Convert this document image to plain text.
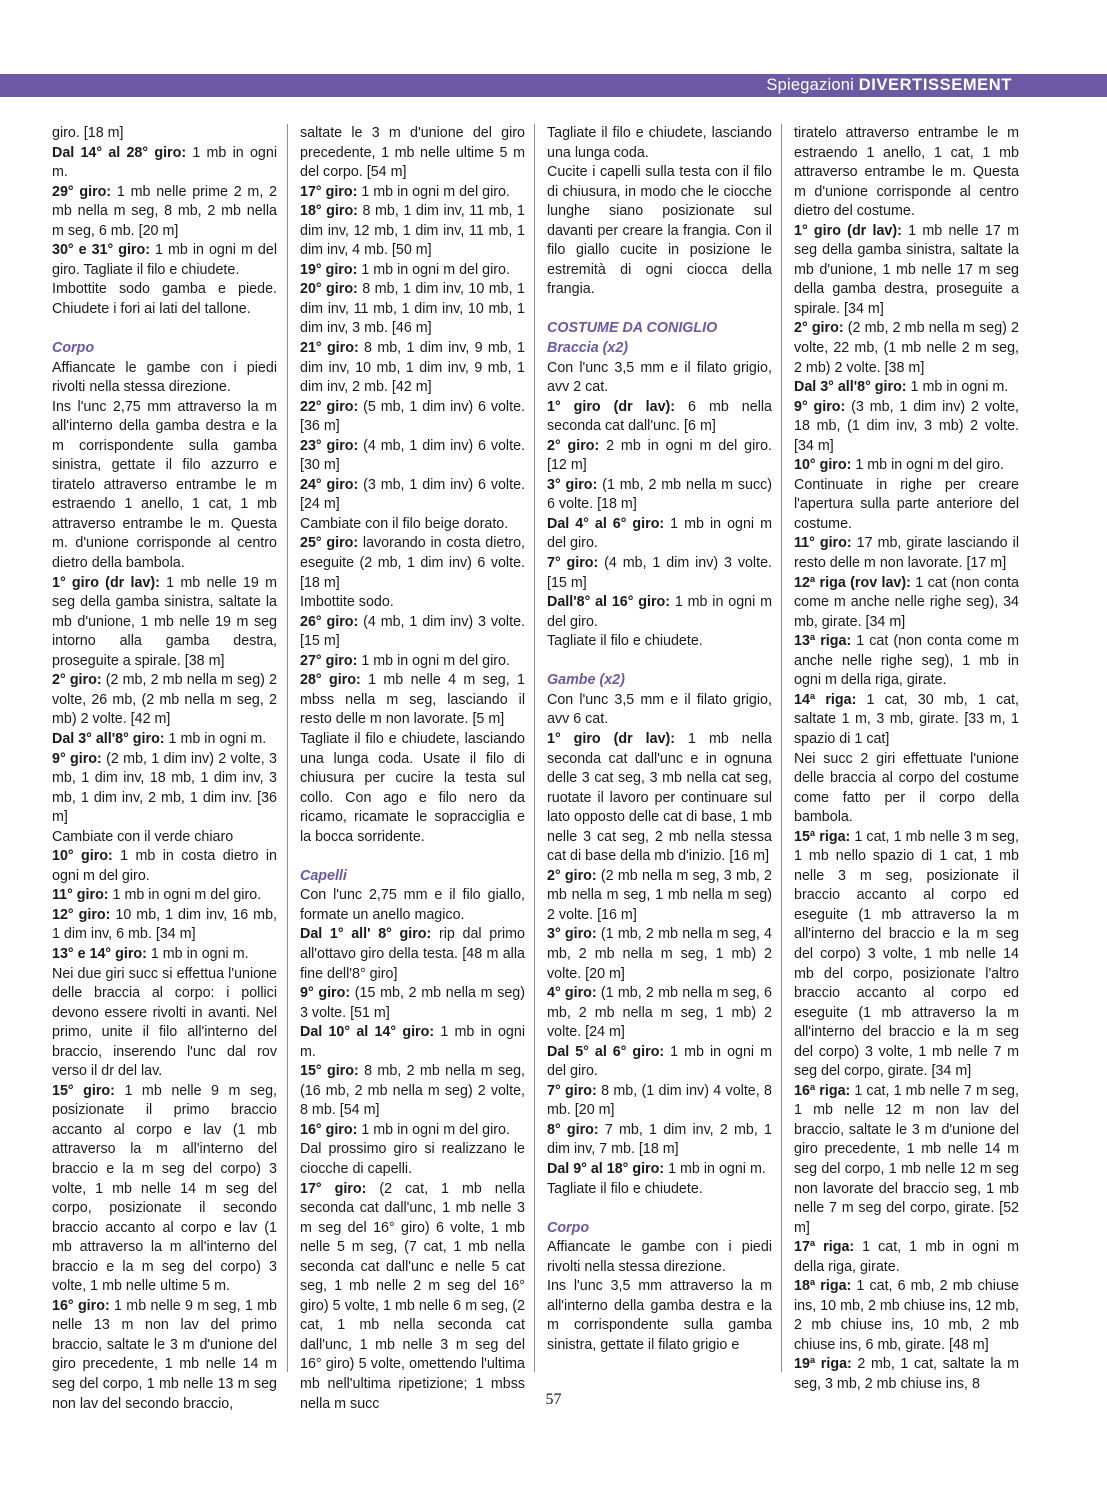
Spiegazioni DIVERTISSEMENT

giro. [18 m]

Dal 14° al 28° giro: 1 mb in ogni m.

29° giro: 1 mb nelle prime 2 m, 2 mb nella m seg, 8 mb, 2 mb nella m seg, 6 mb. [20 m]

30° e 31° giro: 1 mb in ogni m del giro. Tagliate il filo e chiudete.

Imbottite sodo gamba e piede. Chiudete i fori ai lati del tallone.

Corpo

Affiancate le gambe con i piedi rivolti nella stessa direzione.

Ins l'unc 2,75 mm attraverso la m all'interno della gamba destra e la m corrispondente sulla gamba sinistra, gettate il filo azzurro e tiratelo attraverso entrambe le m estraendo 1 anello, 1 cat, 1 mb attraverso entrambe le m. Questa m. d'unione corrisponde al centro dietro della bambola.

1° giro (dr lav): 1 mb nelle 19 m seg della gamba sinistra, saltate la mb d'unione, 1 mb nelle 19 m seg intorno alla gamba destra, proseguite a spirale. [38 m]

2° giro: (2 mb, 2 mb nella m seg) 2 volte, 26 mb, (2 mb nella m seg, 2 mb) 2 volte. [42 m]

Dal 3° all'8° giro: 1 mb in ogni m.

9° giro: (2 mb, 1 dim inv) 2 volte, 3 mb, 1 dim inv, 18 mb, 1 dim inv, 3 mb, 1 dim inv, 2 mb, 1 dim inv. [36 m]

Cambiate con il verde chiaro

10° giro: 1 mb in costa dietro in ogni m del giro.

11° giro: 1 mb in ogni m del giro.

12° giro: 10 mb, 1 dim inv, 16 mb, 1 dim inv, 6 mb. [34 m]

13° e 14° giro: 1 mb in ogni m.

Nei due giri succ si effettua l'unione delle braccia al corpo: i pollici devono essere rivolti in avanti. Nel primo, unite il filo all'interno del braccio, inserendo l'unc dal rov verso il dr del lav.

15° giro: 1 mb nelle 9 m seg, posizionate il primo braccio accanto al corpo e lav (1 mb attraverso la m all'interno del braccio e la m seg del corpo) 3 volte, 1 mb nelle 14 m seg del corpo, posizionate il secondo braccio accanto al corpo e lav (1 mb attraverso la m all'interno del braccio e la m seg del corpo) 3 volte, 1 mb nelle ultime 5 m.

16° giro: 1 mb nelle 9 m seg, 1 mb nelle 13 m non lav del primo braccio, saltate le 3 m d'unione del giro precedente, 1 mb nelle 14 m seg del corpo, 1 mb nelle 13 m seg non lav del secondo braccio,

saltate le 3 m d'unione del giro precedente, 1 mb nelle ultime 5 m del corpo. [54 m]

17° giro: 1 mb in ogni m del giro.

18° giro: 8 mb, 1 dim inv, 11 mb, 1 dim inv, 12 mb, 1 dim inv, 11 mb, 1 dim inv, 4 mb. [50 m]

19° giro: 1 mb in ogni m del giro.

20° giro: 8 mb, 1 dim inv, 10 mb, 1 dim inv, 11 mb, 1 dim inv, 10 mb, 1 dim inv, 3 mb. [46 m]

21° giro: 8 mb, 1 dim inv, 9 mb, 1 dim inv, 10 mb, 1 dim inv, 9 mb, 1 dim inv, 2 mb. [42 m]

22° giro: (5 mb, 1 dim inv) 6 volte. [36 m]

23° giro: (4 mb, 1 dim inv) 6 volte. [30 m]

24° giro: (3 mb, 1 dim inv) 6 volte. [24 m]

Cambiate con il filo beige dorato.

25° giro: lavorando in costa dietro, eseguite (2 mb, 1 dim inv) 6 volte. [18 m]

Imbottite sodo.

26° giro: (4 mb, 1 dim inv) 3 volte. [15 m]

27° giro: 1 mb in ogni m del giro.

28° giro: 1 mb nelle 4 m seg, 1 mbss nella m seg, lasciando il resto delle m non lavorate. [5 m]

Tagliate il filo e chiudete, lasciando una lunga coda. Usate il filo di chiusura per cucire la testa sul collo. Con ago e filo nero da ricamo, ricamate le sopracciglia e la bocca sorridente.

Capelli

Con l'unc 2,75 mm e il filo giallo, formate un anello magico.

Dal 1° all' 8° giro: rip dal primo all'ottavo giro della testa. [48 m alla fine dell'8° giro]

9° giro: (15 mb, 2 mb nella m seg) 3 volte. [51 m]

Dal 10° al 14° giro: 1 mb in ogni m.

15° giro: 8 mb, 2 mb nella m seg, (16 mb, 2 mb nella m seg) 2 volte, 8 mb. [54 m]

16° giro: 1 mb in ogni m del giro.

Dal prossimo giro si realizzano le ciocche di capelli.

17° giro: (2 cat, 1 mb nella seconda cat dall'unc, 1 mb nelle 3 m seg del 16° giro) 6 volte, 1 mb nelle 5 m seg, (7 cat, 1 mb nella seconda cat dall'unc e nelle 5 cat seg, 1 mb nelle 2 m seg del 16° giro) 5 volte, 1 mb nelle 6 m seg, (2 cat, 1 mb nella seconda cat dall'unc, 1 mb nelle 3 m seg del 16° giro) 5 volte, omettendo l'ultima mb nell'ultima ripetizione; 1 mbss nella m succ

Tagliate il filo e chiudete, lasciando una lunga coda.

Cucite i capelli sulla testa con il filo di chiusura, in modo che le ciocche lunghe siano posizionate sul davanti per creare la frangia. Con il filo giallo cucite in posizione le estremità di ogni ciocca della frangia.

COSTUME DA CONIGLIO

Braccia (x2)

Con l'unc 3,5 mm e il filato grigio, avv 2 cat.

1° giro (dr lav): 6 mb nella seconda cat dall'unc. [6 m]

2° giro: 2 mb in ogni m del giro. [12 m]

3° giro: (1 mb, 2 mb nella m succ) 6 volte. [18 m]

Dal 4° al 6° giro: 1 mb in ogni m del giro.

7° giro: (4 mb, 1 dim inv) 3 volte. [15 m]

Dall'8° al 16° giro: 1 mb in ogni m del giro.

Tagliate il filo e chiudete.

Gambe (x2)

Con l'unc 3,5 mm e il filato grigio, avv 6 cat.

1° giro (dr lav): 1 mb nella seconda cat dall'unc e in ognuna delle 3 cat seg, 3 mb nella cat seg, ruotate il lavoro per continuare sul lato opposto delle cat di base, 1 mb nelle 3 cat seg, 2 mb nella stessa cat di base della mb d'inizio. [16 m]

2° giro: (2 mb nella m seg, 3 mb, 2 mb nella m seg, 1 mb nella m seg) 2 volte. [16 m]

3° giro: (1 mb, 2 mb nella m seg, 4 mb, 2 mb nella m seg, 1 mb) 2 volte. [20 m]

4° giro: (1 mb, 2 mb nella m seg, 6 mb, 2 mb nella m seg, 1 mb) 2 volte. [24 m]

Dal 5° al 6° giro: 1 mb in ogni m del giro.

7° giro: 8 mb, (1 dim inv) 4 volte, 8 mb. [20 m]

8° giro: 7 mb, 1 dim inv, 2 mb, 1 dim inv, 7 mb. [18 m]

Dal 9° al 18° giro: 1 mb in ogni m.

Tagliate il filo e chiudete.

Corpo

Affiancate le gambe con i piedi rivolti nella stessa direzione.

Ins l'unc 3,5 mm attraverso la m all'interno della gamba destra e la m corrispondente sulla gamba sinistra, gettate il filato grigio e

tiratelo attraverso entrambe le m estraendo 1 anello, 1 cat, 1 mb attraverso entrambe le m. Questa m d'unione corrisponde al centro dietro del costume.

1° giro (dr lav): 1 mb nelle 17 m seg della gamba sinistra, saltate la mb d'unione, 1 mb nelle 17 m seg della gamba destra, proseguite a spirale. [34 m]

2° giro: (2 mb, 2 mb nella m seg) 2 volte, 22 mb, (1 mb nelle 2 m seg, 2 mb) 2 volte. [38 m]

Dal 3° all'8° giro: 1 mb in ogni m.

9° giro: (3 mb, 1 dim inv) 2 volte, 18 mb, (1 dim inv, 3 mb) 2 volte. [34 m]

10° giro: 1 mb in ogni m del giro.

Continuate in righe per creare l'apertura sulla parte anteriore del costume.

11° giro: 17 mb, girate lasciando il resto delle m non lavorate. [17 m]

12ª riga (rov lav): 1 cat (non conta come m anche nelle righe seg), 34 mb, girate. [34 m]

13ª riga: 1 cat (non conta come m anche nelle righe seg), 1 mb in ogni m della riga, girate.

14ª riga: 1 cat, 30 mb, 1 cat, saltate 1 m, 3 mb, girate. [33 m, 1 spazio di 1 cat]

Nei succ 2 giri effettuate l'unione delle braccia al corpo del costume come fatto per il corpo della bambola.

15ª riga: 1 cat, 1 mb nelle 3 m seg, 1 mb nello spazio di 1 cat, 1 mb nelle 3 m seg, posizionate il braccio accanto al corpo ed eseguite (1 mb attraverso la m all'interno del braccio e la m seg del corpo) 3 volte, 1 mb nelle 14 mb del corpo, posizionate l'altro braccio accanto al corpo ed eseguite (1 mb attraverso la m all'interno del braccio e la m seg del corpo) 3 volte, 1 mb nelle 7 m seg del corpo, girate. [34 m]

16ª riga: 1 cat, 1 mb nelle 7 m seg, 1 mb nelle 12 m non lav del braccio, saltate le 3 m d'unione del giro precedente, 1 mb nelle 14 m seg del corpo, 1 mb nelle 12 m seg non lavorate del braccio seg, 1 mb nelle 7 m seg del corpo, girate. [52 m]

17ª riga: 1 cat, 1 mb in ogni m della riga, girate.

18ª riga: 1 cat, 6 mb, 2 mb chiuse ins, 10 mb, 2 mb chiuse ins, 12 mb, 2 mb chiuse ins, 10 mb, 2 mb chiuse ins, 6 mb, girate. [48 m]

19ª riga: 2 mb, 1 cat, saltate la m seg, 3 mb, 2 mb chiuse ins, 8

57
